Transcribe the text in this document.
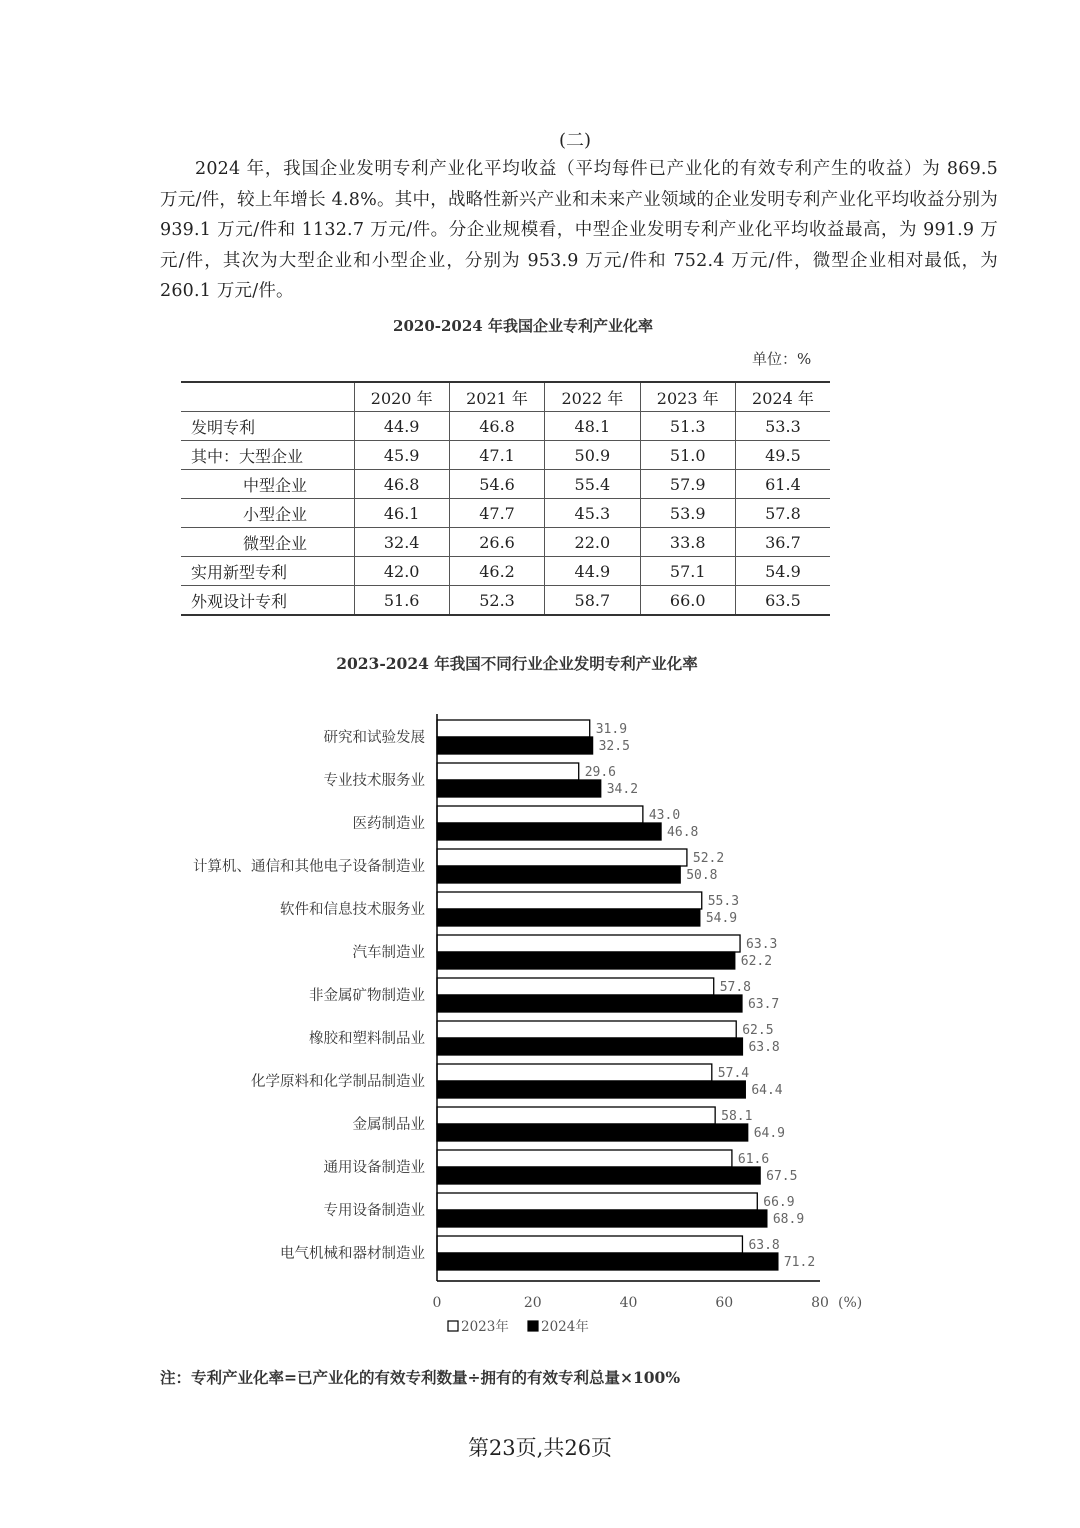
(二)
2024 年，我国企业发明专利产业化平均收益（平均每件已产业化的有效专利产生的收益）为 869.5 万元/件，较上年增长 4.8%。其中，战略性新兴产业和未来产业领域的企业发明专利产业化平均收益分别为 939.1 万元/件和 1132.7 万元/件。分企业规模看，中型企业发明专利产业化平均收益最高，为 991.9 万元/件，其次为大型企业和小型企业，分别为 953.9 万元/件和 752.4 万元/件，微型企业相对最低，为 260.1 万元/件。
2020-2024 年我国企业专利产业化率
单位：%
	2020 年	2021 年	2022 年	2023 年	2024 年
发明专利	44.9	46.8	48.1	51.3	53.3
其中：大型企业	45.9	47.1	50.9	51.0	49.5
中型企业	46.8	54.6	55.4	57.9	61.4
小型企业	46.1	47.7	45.3	53.9	57.8
微型企业	32.4	26.6	22.0	33.8	36.7
实用新型专利	42.0	46.2	44.9	57.1	54.9
外观设计专利	51.6	52.3	58.7	66.0	63.5
2023-2024 年我国不同行业企业发明专利产业化率
研究和试验发展
31.9
32.5
专业技术服务业
29.6
34.2
医药制造业
43.0
46.8
计算机、通信和其他电子设备制造业
52.2
50.8
软件和信息技术服务业
55.3
54.9
汽车制造业
63.3
62.2
非金属矿物制造业
57.8
63.7
橡胶和塑料制品业
62.5
63.8
化学原料和化学制品制造业
57.4
64.4
金属制品业
58.1
64.9
通用设备制造业
61.6
67.5
专用设备制造业
66.9
68.9
电气机械和器材制造业
63.8
71.2
0	20	40	60	80 (%)
2023年 2024年
注：专利产业化率=已产业化的有效专利数量÷拥有的有效专利总量×100%
第23页,共26页
